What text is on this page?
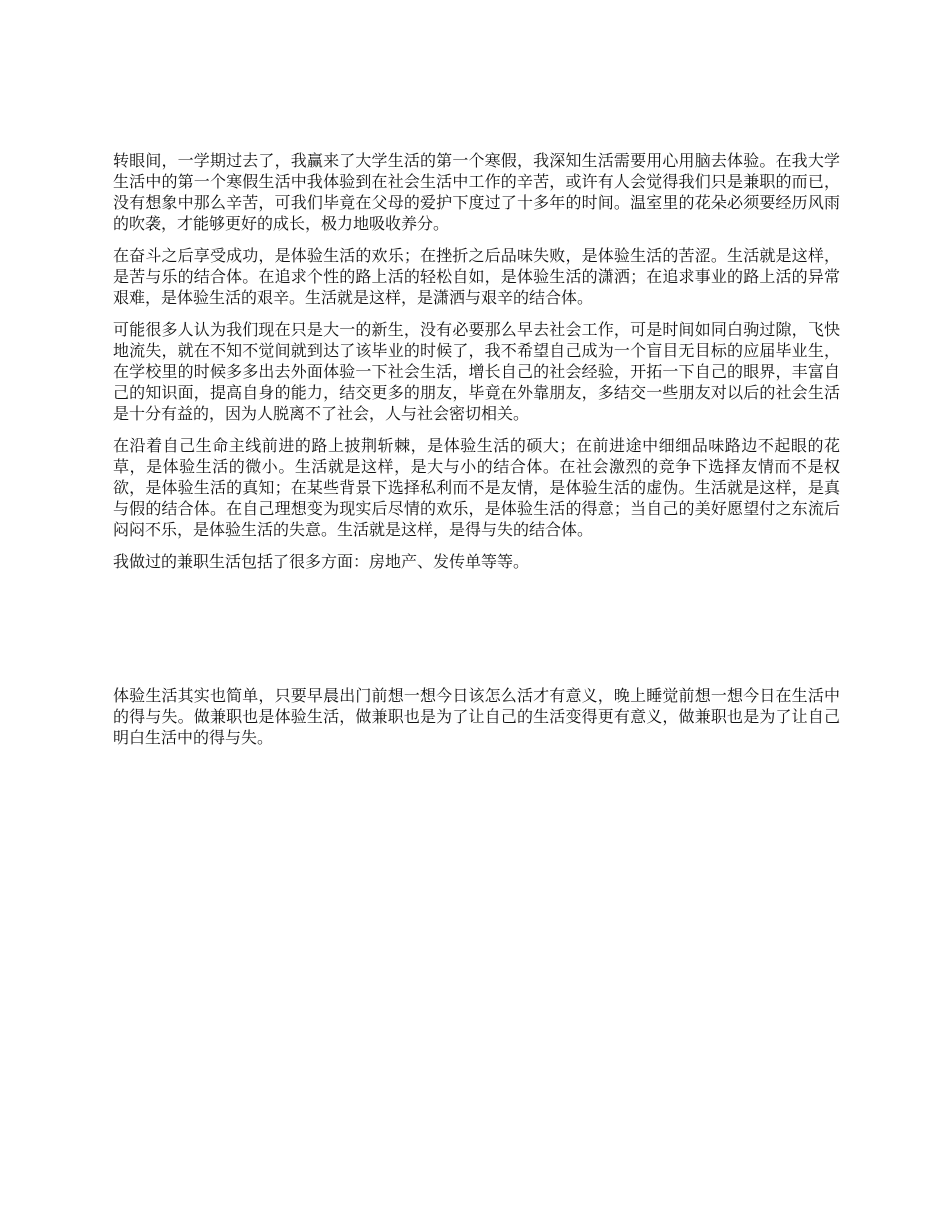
转眼间，一学期过去了，我赢来了大学生活的第一个寒假，我深知生活需要用心用脑去体验。在我大学生活中的第一个寒假生活中我体验到在社会生活中工作的辛苦，或许有人会觉得我们只是兼职的而已，没有想象中那么辛苦，可我们毕竟在父母的爱护下度过了十多年的时间。温室里的花朵必须要经历风雨的吹袭，才能够更好的成长，极力地吸收养分。

在奋斗之后享受成功，是体验生活的欢乐；在挫折之后品味失败，是体验生活的苦涩。生活就是这样，是苦与乐的结合体。在追求个性的路上活的轻松自如，是体验生活的潇洒；在追求事业的路上活的异常艰难，是体验生活的艰辛。生活就是这样，是潇洒与艰辛的结合体。

可能很多人认为我们现在只是大一的新生，没有必要那么早去社会工作，可是时间如同白驹过隙，飞快地流失，就在不知不觉间就到达了该毕业的时候了，我不希望自己成为一个盲目无目标的应届毕业生，在学校里的时候多多出去外面体验一下社会生活，增长自己的社会经验，开拓一下自己的眼界，丰富自己的知识面，提高自身的能力，结交更多的朋友，毕竟在外靠朋友，多结交一些朋友对以后的社会生活是十分有益的，因为人脱离不了社会，人与社会密切相关。

在沿着自己生命主线前进的路上披荆斩棘，是体验生活的硕大；在前进途中细细品味路边不起眼的花草，是体验生活的微小。生活就是这样，是大与小的结合体。在社会激烈的竞争下选择友情而不是权欲，是体验生活的真知；在某些背景下选择私利而不是友情，是体验生活的虚伪。生活就是这样，是真与假的结合体。在自己理想变为现实后尽情的欢乐，是体验生活的得意；当自己的美好愿望付之东流后闷闷不乐，是体验生活的失意。生活就是这样，是得与失的结合体。

我做过的兼职生活包括了很多方面：房地产、发传单等等。

体验生活其实也简单，只要早晨出门前想一想今日该怎么活才有意义，晚上睡觉前想一想今日在生活中的得与失。做兼职也是体验生活，做兼职也是为了让自己的生活变得更有意义，做兼职也是为了让自己明白生活中的得与失。
